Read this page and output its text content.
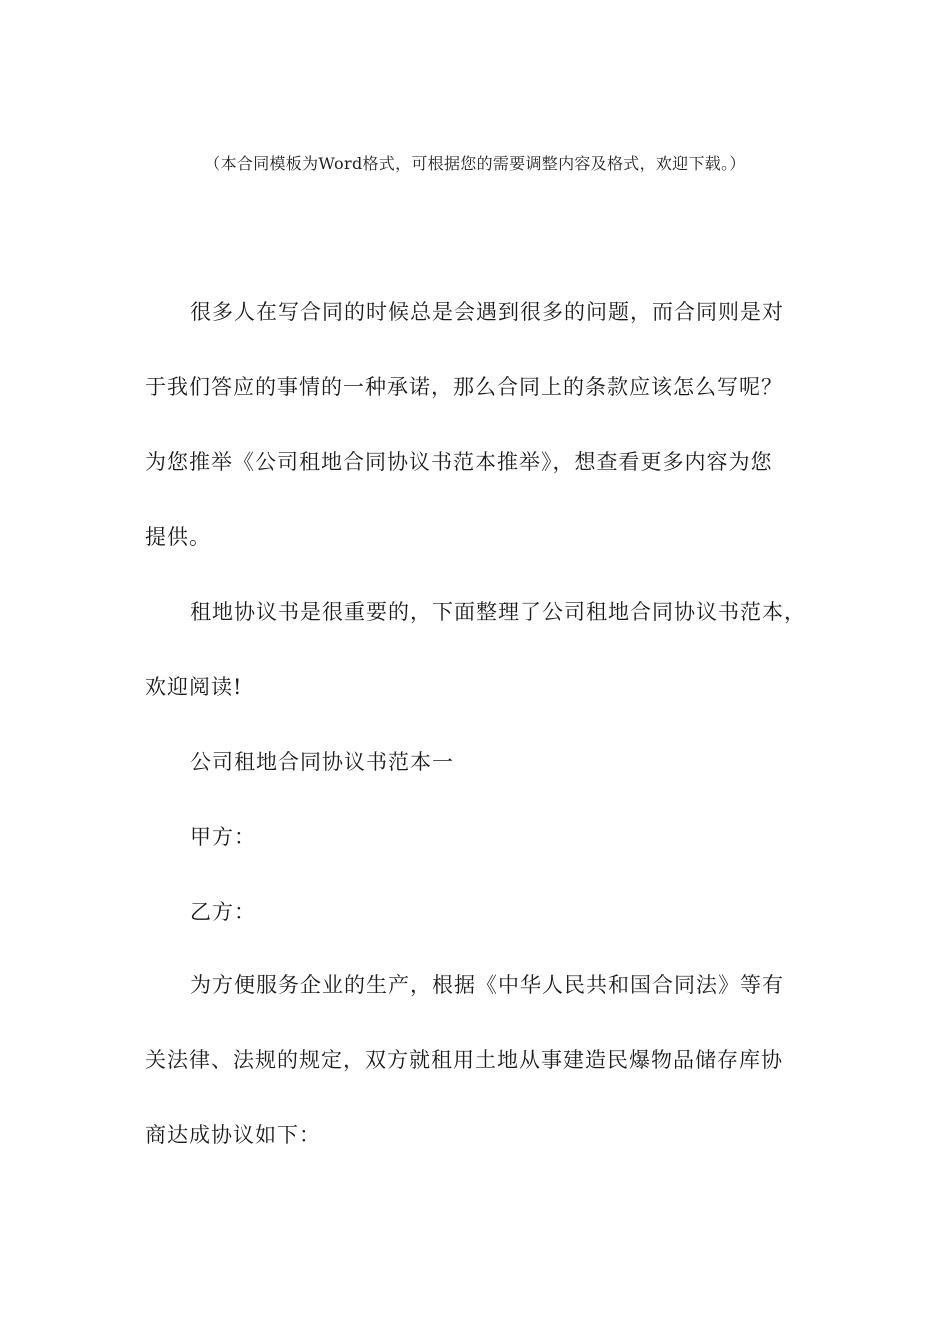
（本合同模板为Word格式，可根据您的需要调整内容及格式，欢迎下载。）
很多人在写合同的时候总是会遇到很多的问题，而合同则是对
于我们答应的事情的一种承诺，那么合同上的条款应该怎么写呢？
为您推举《公司租地合同协议书范本推举》，想查看更多内容为您
提供。
租地协议书是很重要的，下面整理了公司租地合同协议书范本，
欢迎阅读!
公司租地合同协议书范本一
甲方：
乙方：
为方便服务企业的生产，根据《中华人民共和国合同法》等有
关法律、法规的规定，双方就租用土地从事建造民爆物品储存库协
商达成协议如下：
